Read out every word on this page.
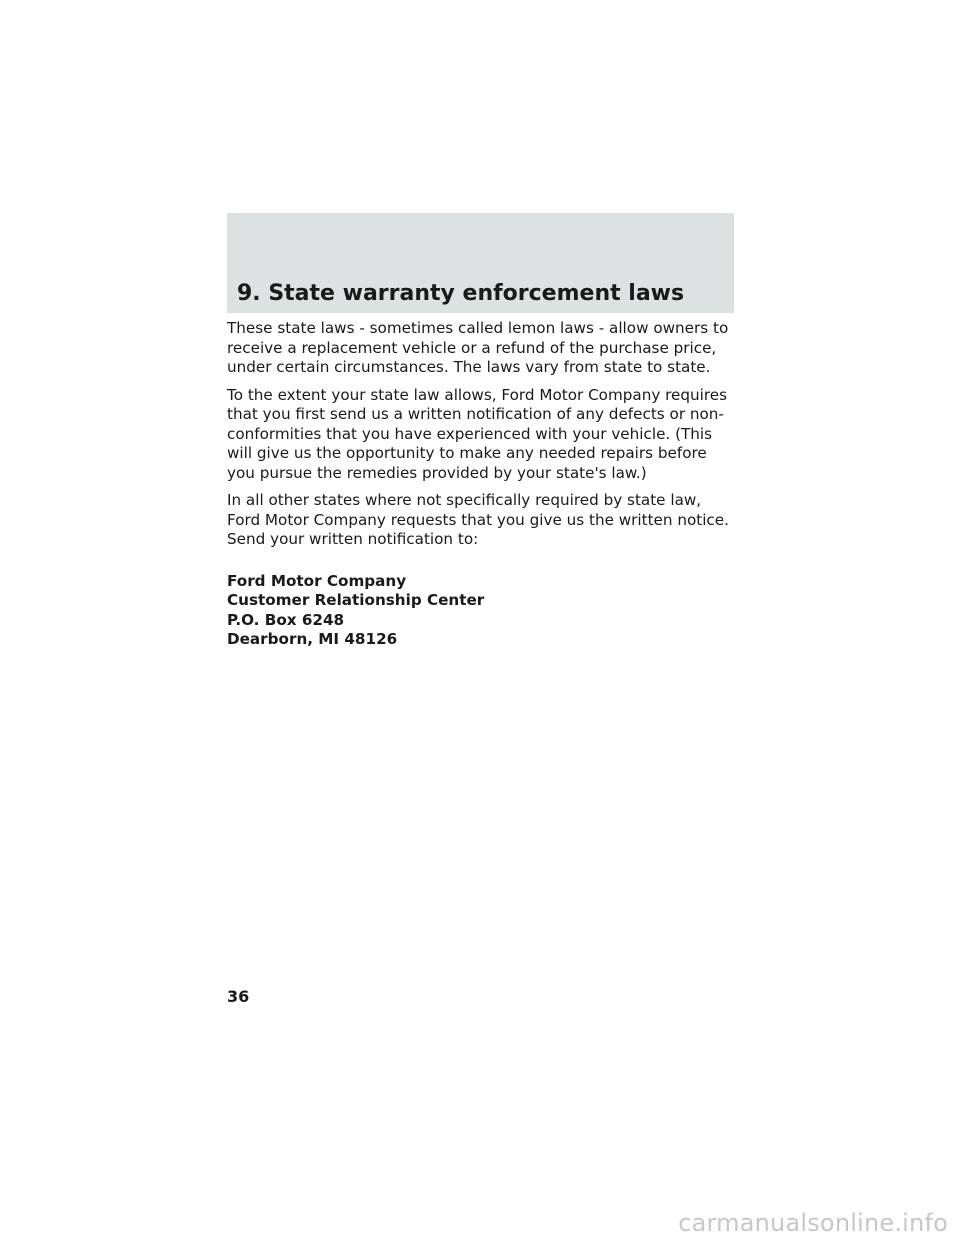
9. State warranty enforcement laws

These state laws - sometimes called lemon laws - allow owners to receive a replacement vehicle or a refund of the purchase price, under certain circumstances. The laws vary from state to state.

To the extent your state law allows, Ford Motor Company requires that you first send us a written notification of any defects or non-conformities that you have experienced with your vehicle. (This will give us the opportunity to make any needed repairs before you pursue the remedies provided by your state's law.)

In all other states where not specifically required by state law, Ford Motor Company requests that you give us the written notice. Send your written notification to:

Ford Motor Company
Customer Relationship Center
P.O. Box 6248
Dearborn, MI 48126
36
carmanualsonline.info
